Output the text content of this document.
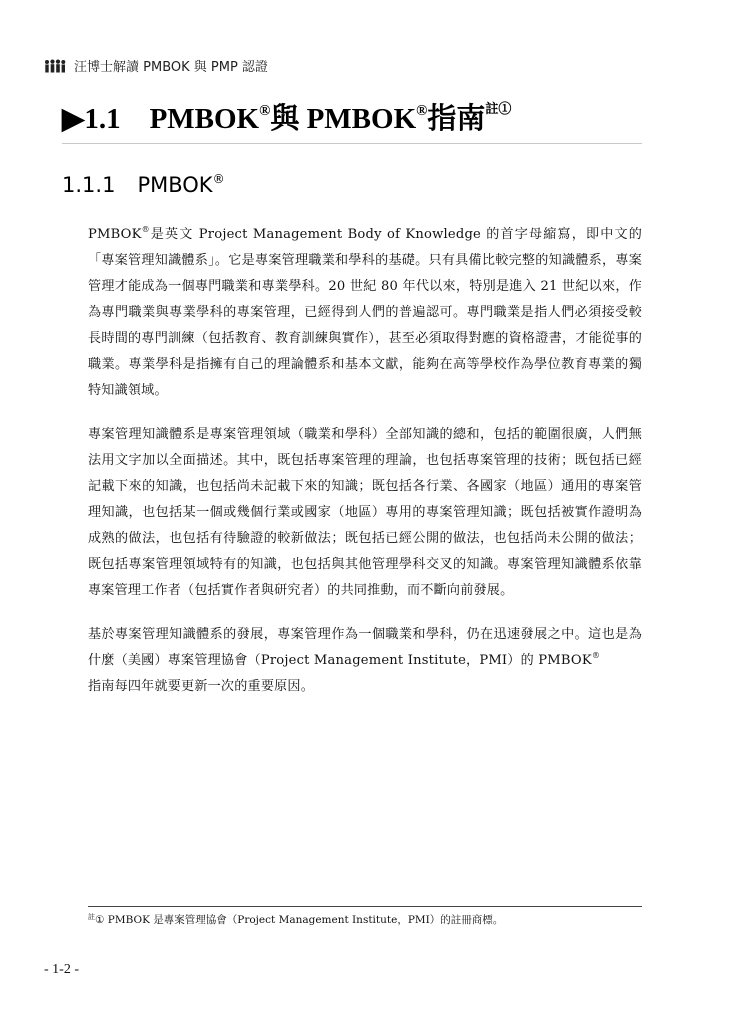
汪博士解讀 PMBOK 與 PMP 認證
▶1.1 PMBOK®與 PMBOK®指南$^{註①}$
1.1.1 PMBOK®

PMBOK®是英文 Project Management Body of Knowledge 的首字母縮寫，即中文的「專案管理知識體系」。它是專案管理職業和學科的基礎。只有具備比較完整的知識體系，專案管理才能成為一個專門職業和專業學科。20 世紀 80 年代以來，特別是進入 21 世紀以來，作為專門職業與專業學科的專案管理，已經得到人們的普遍認可。專門職業是指人們必須接受較長時間的專門訓練（包括教育、教育訓練與實作），甚至必須取得對應的資格證書，才能從事的職業。專業學科是指擁有自己的理論體系和基本文獻，能夠在高等學校作為學位教育專業的獨特知識領域。

專案管理知識體系是專案管理領域（職業和學科）全部知識的總和，包括的範圍很廣，人們無法用文字加以全面描述。其中，既包括專案管理的理論，也包括專案管理的技術；既包括已經記載下來的知識，也包括尚未記載下來的知識；既包括各行業、各國家（地區）通用的專案管理知識，也包括某一個或幾個行業或國家（地區）專用的專案管理知識；既包括被實作證明為成熟的做法，也包括有待驗證的較新做法；既包括已經公開的做法，也包括尚未公開的做法；既包括專案管理領域特有的知識，也包括與其他管理學科交叉的知識。專案管理知識體系依靠專案管理工作者（包括實作者與研究者）的共同推動，而不斷向前發展。

基於專案管理知識體系的發展，專案管理作為一個職業和學科，仍在迅速發展之中。這也是為什麼（美國）專案管理協會（Project Management Institute，PMI）的 PMBOK®
指南每四年就要更新一次的重要原因。

$^註$① PMBOK 是專案管理協會（Project Management Institute，PMI）的註冊商標。
- 1-2 -
